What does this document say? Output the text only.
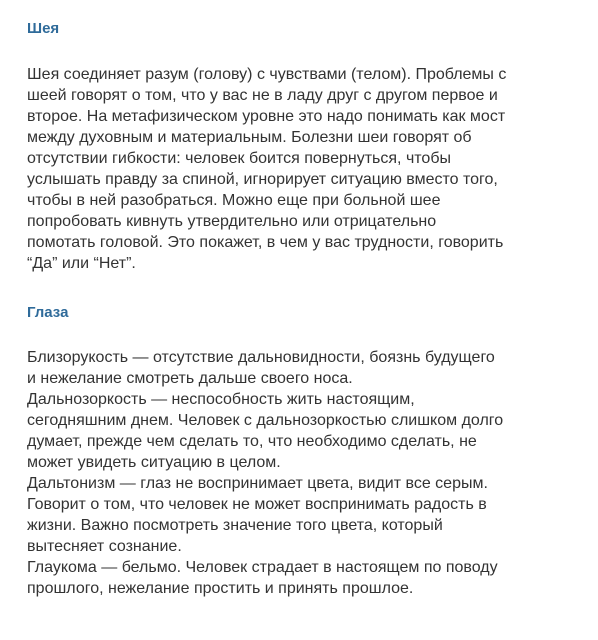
Шея

Шея соединяет разум (голову) с чувствами (телом). Проблемы с
шеей говорят о том, что у вас не в ладу друг с другом первое и
второе. На метафизическом уровне это надо понимать как мост
между духовным и материальным. Болезни шеи говорят об
отсутствии гибкости: человек боится повернуться, чтобы
услышать правду за спиной, игнорирует ситуацию вместо того,
чтобы в ней разобраться. Можно еще при больной шее
попробовать кивнуть утвердительно или отрицательно
помотать головой. Это покажет, в чем у вас трудности, говорить
“Да” или “Нет”.

Глаза

Близорукость — отсутствие дальновидности, боязнь будущего
и нежелание смотреть дальше своего носа.
Дальнозоркость — неспособность жить настоящим,
сегодняшним днем. Человек с дальнозоркостью слишком долго
думает, прежде чем сделать то, что необходимо сделать, не
может увидеть ситуацию в целом.
Дальтонизм — глаз не воспринимает цвета, видит все серым.
Говорит о том, что человек не может воспринимать радость в
жизни. Важно посмотреть значение того цвета, который
вытесняет сознание.
Глаукома — бельмо. Человек страдает в настоящем по поводу
прошлого, нежелание простить и принять прошлое.
